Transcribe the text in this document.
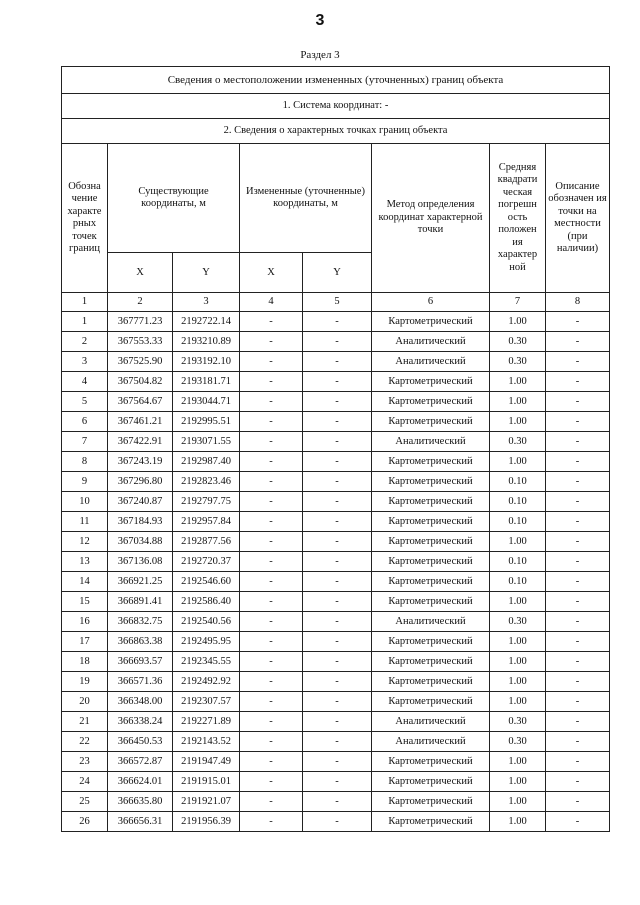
3
Раздел 3
Сведения о местоположении измененных (уточненных) границ объекта							
1. Система координат: -							
2. Сведения о характерных точках границ объекта							
Обозна чение характе рных точек границ	Существующие координаты, м		Измененные (уточненные) координаты, м		Метод определения координат характерной точки	Средняя квадрати ческая погрешн ость положен ия характер ной	Описание обозначен ия точки на местности (при наличии)
	X	Y	X	Y			
1	2	3	4	5	6	7	8
1	367771.23	2192722.14	-	-	Картометрический	1.00	-
2	367553.33	2193210.89	-	-	Аналитический	0.30	-
3	367525.90	2193192.10	-	-	Аналитический	0.30	-
4	367504.82	2193181.71	-	-	Картометрический	1.00	-
5	367564.67	2193044.71	-	-	Картометрический	1.00	-
6	367461.21	2192995.51	-	-	Картометрический	1.00	-
7	367422.91	2193071.55	-	-	Аналитический	0.30	-
8	367243.19	2192987.40	-	-	Картометрический	1.00	-
9	367296.80	2192823.46	-	-	Картометрический	0.10	-
10	367240.87	2192797.75	-	-	Картометрический	0.10	-
11	367184.93	2192957.84	-	-	Картометрический	0.10	-
12	367034.88	2192877.56	-	-	Картометрический	1.00	-
13	367136.08	2192720.37	-	-	Картометрический	0.10	-
14	366921.25	2192546.60	-	-	Картометрический	0.10	-
15	366891.41	2192586.40	-	-	Картометрический	1.00	-
16	366832.75	2192540.56	-	-	Аналитический	0.30	-
17	366863.38	2192495.95	-	-	Картометрический	1.00	-
18	366693.57	2192345.55	-	-	Картометрический	1.00	-
19	366571.36	2192492.92	-	-	Картометрический	1.00	-
20	366348.00	2192307.57	-	-	Картометрический	1.00	-
21	366338.24	2192271.89	-	-	Аналитический	0.30	-
22	366450.53	2192143.52	-	-	Аналитический	0.30	-
23	366572.87	2191947.49	-	-	Картометрический	1.00	-
24	366624.01	2191915.01	-	-	Картометрический	1.00	-
25	366635.80	2191921.07	-	-	Картометрический	1.00	-
26	366656.31	2191956.39	-	-	Картометрический	1.00	-
